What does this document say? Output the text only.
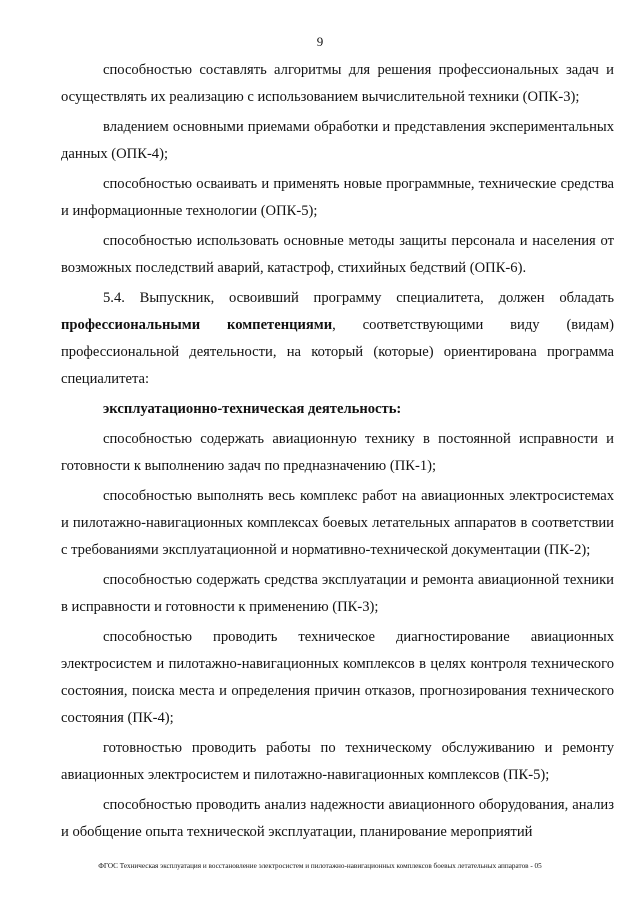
9

способностью составлять алгоритмы для решения профессиональных задач и осуществлять их реализацию с использованием вычислительной техники (ОПК-3);

владением основными приемами обработки и представления экспериментальных данных (ОПК-4);

способностью осваивать и применять новые программные, технические средства и информационные технологии (ОПК-5);

способностью использовать основные методы защиты персонала и населения от возможных последствий аварий, катастроф, стихийных бедствий (ОПК-6).

5.4. Выпускник, освоивший программу специалитета, должен обладать профессиональными компетенциями, соответствующими виду (видам) профессиональной деятельности, на который (которые) ориентирована программа специалитета:

эксплуатационно-техническая деятельность:

способностью содержать авиационную технику в постоянной исправности и готовности к выполнению задач по предназначению (ПК-1);

способностью выполнять весь комплекс работ на авиационных электросистемах и пилотажно-навигационных комплексах боевых летательных аппаратов в соответствии с требованиями эксплуатационной и нормативно-технической документации (ПК-2);

способностью содержать средства эксплуатации и ремонта авиационной техники в исправности и готовности к применению (ПК-3);

способностью проводить техническое диагностирование авиационных электросистем и пилотажно-навигационных комплексов в целях контроля технического состояния, поиска места и определения причин отказов, прогнозирования технического состояния (ПК-4);

готовностью проводить работы по техническому обслуживанию и ремонту авиационных электросистем и пилотажно-навигационных комплексов (ПК-5);

способностью проводить анализ надежности авиационного оборудования, анализ и обобщение опыта технической эксплуатации, планирование мероприятий

ФГОС Техническая эксплуатация и восстановление электросистем и пилотажно-навигационных комплексов боевых летательных аппаратов - 05
